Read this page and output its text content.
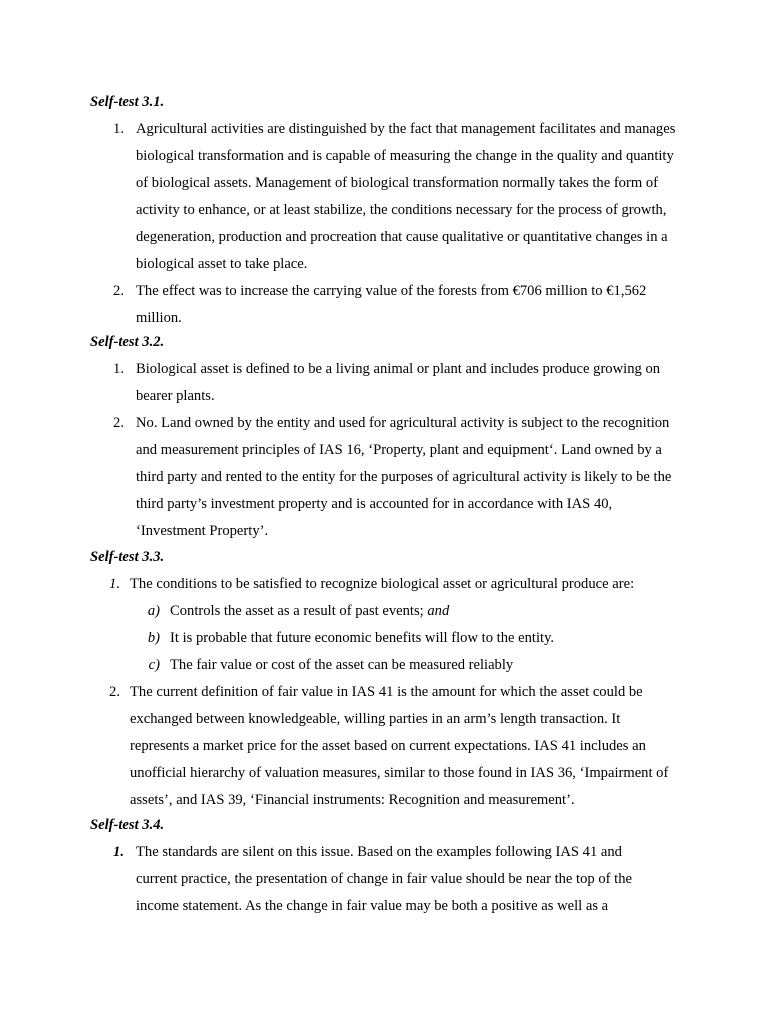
Self-test 3.1.
1. Agricultural activities are distinguished by the fact that management facilitates and manages biological transformation and is capable of measuring the change in the quality and quantity of biological assets. Management of biological transformation normally takes the form of activity to enhance, or at least stabilize, the conditions necessary for the process of growth, degeneration, production and procreation that cause qualitative or quantitative changes in a biological asset to take place.
2. The effect was to increase the carrying value of the forests from €706 million to €1,562 million.
Self-test 3.2.
1. Biological asset is defined to be a living animal or plant and includes produce growing on bearer plants.
2. No. Land owned by the entity and used for agricultural activity is subject to the recognition and measurement principles of IAS 16, ‘Property, plant and equipment‘. Land owned by a third party and rented to the entity for the purposes of agricultural activity is likely to be the third party’s investment property and is accounted for in accordance with IAS 40, ‘Investment Property’.
Self-test 3.3.
1. The conditions to be satisfied to recognize biological asset or agricultural produce are:
a) Controls the asset as a result of past events; and
b) It is probable that future economic benefits will flow to the entity.
c) The fair value or cost of the asset can be measured reliably
2. The current definition of fair value in IAS 41 is the amount for which the asset could be exchanged between knowledgeable, willing parties in an arm’s length transaction. It represents a market price for the asset based on current expectations. IAS 41 includes an unofficial hierarchy of valuation measures, similar to those found in IAS 36, ‘Impairment of assets’, and IAS 39, ‘Financial instruments: Recognition and measurement’.
Self-test 3.4.
1. The standards are silent on this issue. Based on the examples following IAS 41 and current practice, the presentation of change in fair value should be near the top of the income statement. As the change in fair value may be both a positive as well as a
